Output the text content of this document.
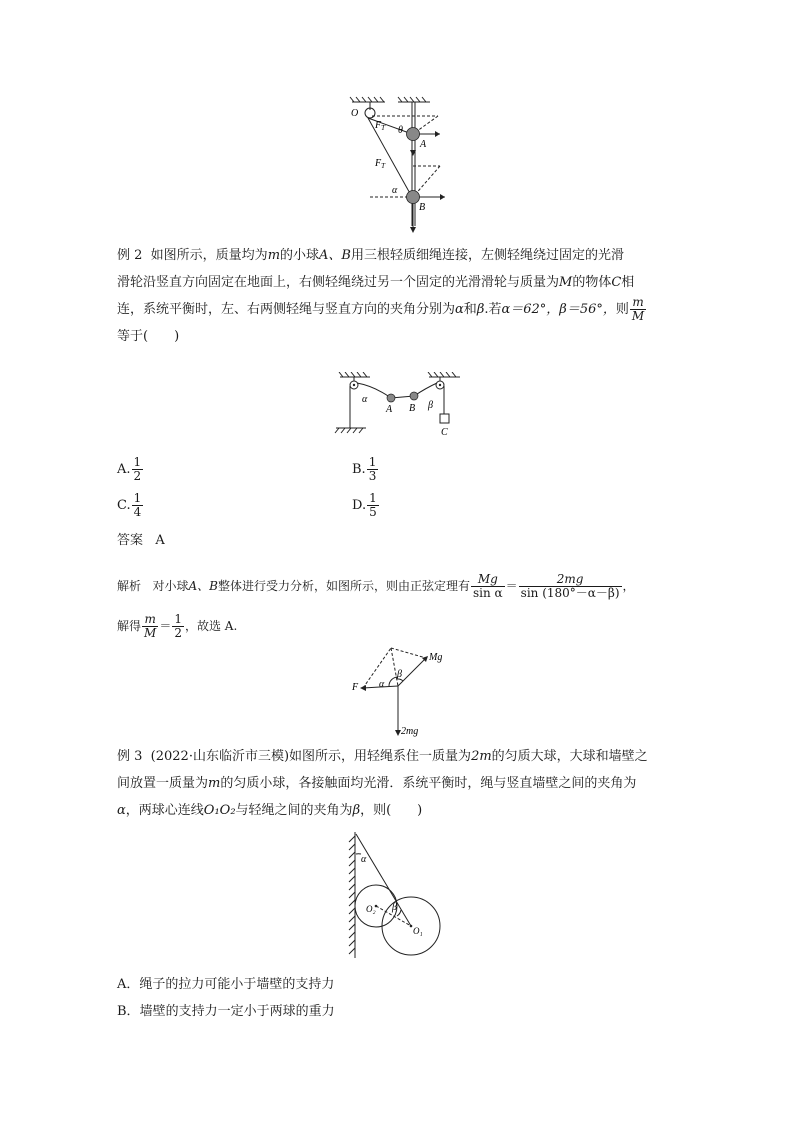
O
$F_T$ θ
A
$F_T$
α
B
例 2 如图所示，质量均为m的小球A、B用三根轻质细绳连接，左侧轻绳绕过固定的光滑
滑轮沿竖直方向固定在地面上，右侧轻绳绕过另一个固定的光滑滑轮与质量为M的物体C相
连，系统平衡时，左、右两侧轻绳与竖直方向的夹角分别为α和β.若α＝62°，β＝56°，则 $\frac{m}{M}$
等于(　　)
α
A B β
C
A. $\frac{1}{2}$	B. $\frac{1}{3}$
C. $\frac{1}{4}$	D. $\frac{1}{5}$
答案 A
解析 对小球A、B整体进行受力分析，如图所示，则由正弦定理有 $\frac{Mg}{\text{sin α}} = \frac{2mg}{\sin (180^\circ-\alpha-\beta)}$ ，
解得 $\frac{m}{M} = \frac{1}{2}$ ，故选 A.
Mg
β
F α
2mg
例 3 (2022·山东临沂市三模)如图所示，用轻绳系住一质量为2m的匀质大球，大球和墙壁之
间放置一质量为m的匀质小球，各接触面均光滑．系统平衡时，绳与竖直墙壁之间的夹角为
α，两球心连线O₁O₂与轻绳之间的夹角为β，则(　　)
α
O₂ β
O₁
A．绳子的拉力可能小于墙壁的支持力
B．墙壁的支持力一定小于两球的重力
